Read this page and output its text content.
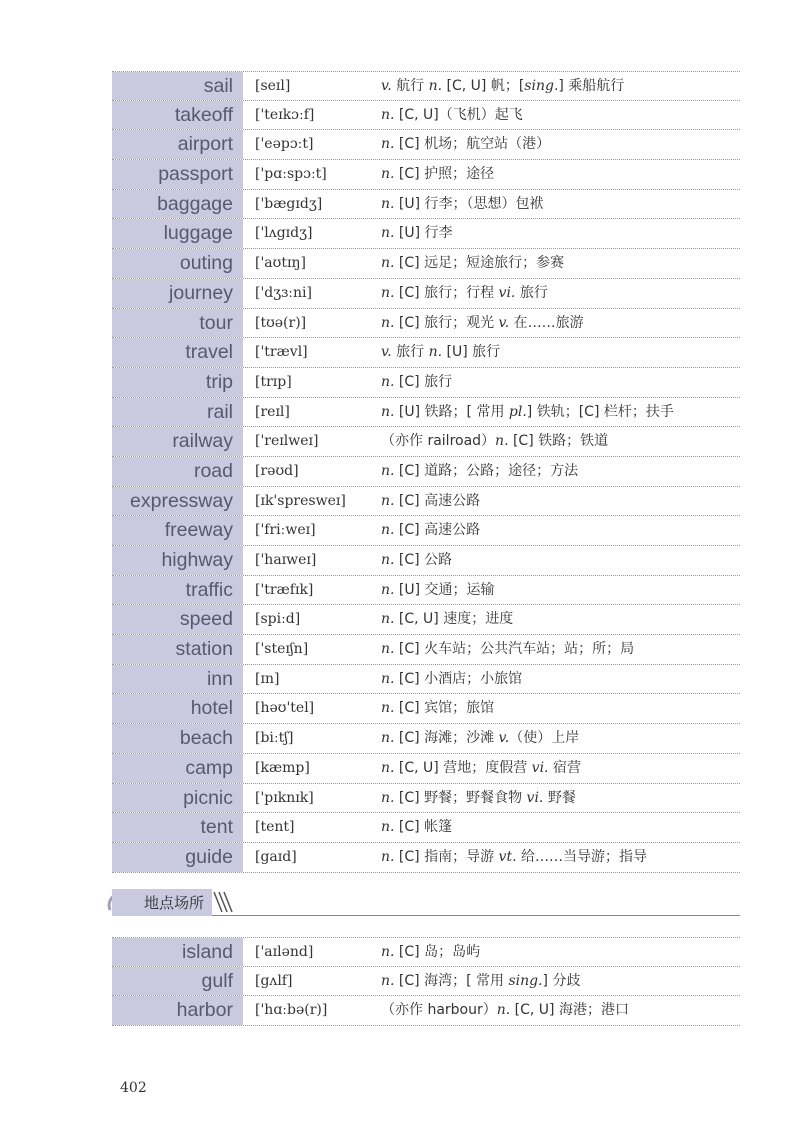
sail	[seɪl]	v. 航行 n. [C, U] 帆；[sing.] 乘船航行
takeoff	['teɪkɔːf]	n. [C, U]（飞机）起飞
airport	['eəpɔːt]	n. [C] 机场；航空站（港）
passport	['pɑːspɔːt]	n. [C] 护照；途径
baggage	['bægɪdʒ]	n. [U] 行李；（思想）包袱
luggage	['lʌgɪdʒ]	n. [U] 行李
outing	['aʊtɪŋ]	n. [C] 远足；短途旅行；参赛
journey	['dʒɜːni]	n. [C] 旅行；行程 vi. 旅行
tour	[tʊə(r)]	n. [C] 旅行；观光 v. 在……旅游
travel	['trævl]	v. 旅行 n. [U] 旅行
trip	[trɪp]	n. [C] 旅行
rail	[reɪl]	n. [U] 铁路；[ 常用 pl.] 铁轨；[C] 栏杆；扶手
railway	['reɪlweɪ]	（亦作 railroad）n. [C] 铁路；铁道
road	[rəʊd]	n. [C] 道路；公路；途径；方法
expressway	[ɪk'spresweɪ]	n. [C] 高速公路
freeway	['friːweɪ]	n. [C] 高速公路
highway	['haɪweɪ]	n. [C] 公路
traffic	['træfɪk]	n. [U] 交通；运输
speed	[spiːd]	n. [C, U] 速度；进度
station	['steɪʃn]	n. [C] 火车站；公共汽车站；站；所；局
inn	[ɪn]	n. [C] 小酒店；小旅馆
hotel	[həʊ'tel]	n. [C] 宾馆；旅馆
beach	[biːtʃ]	n. [C] 海滩；沙滩 v.（使）上岸
camp	[kæmp]	n. [C, U] 营地；度假营 vi. 宿营
picnic	['pɪknɪk]	n. [C] 野餐；野餐食物 vi. 野餐
tent	[tent]	n. [C] 帐篷
guide	[gaɪd]	n. [C] 指南；导游 vt. 给……当导游；指导
地点场所
island	['aɪlənd]	n. [C] 岛；岛屿
gulf	[gʌlf]	n. [C] 海湾；[ 常用 sing.] 分歧
harbor	['hɑːbə(r)]	（亦作 harbour）n. [C, U] 海港；港口
402
